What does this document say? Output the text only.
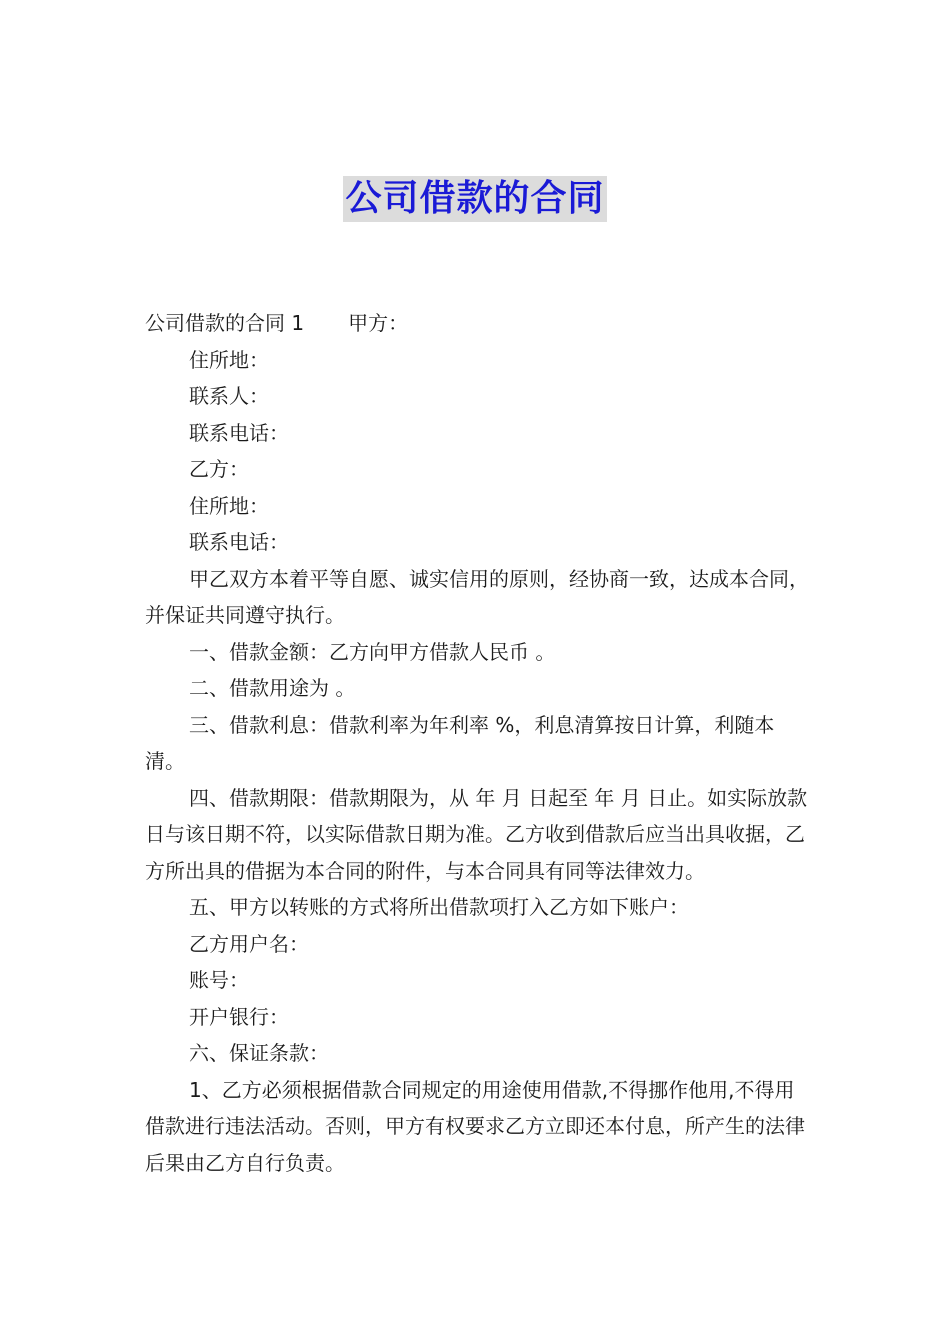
公司借款的合同

公司借款的合同 1 甲方：

住所地：

联系人：

联系电话：

乙方：

住所地：

联系电话：

甲乙双方本着平等自愿、诚实信用的原则，经协商一致，达成本合同，并保证共同遵守执行。

一、借款金额：乙方向甲方借款人民币 。

二、借款用途为 。

三、借款利息：借款利率为年利率 %，利息清算按日计算，利随本清。

四、借款期限：借款期限为，从 年 月 日起至 年 月 日止。如实际放款日与该日期不符，以实际借款日期为准。乙方收到借款后应当出具收据，乙方所出具的借据为本合同的附件，与本合同具有同等法律效力。

五、甲方以转账的方式将所出借款项打入乙方如下账户：

乙方用户名：

账号：

开户银行：

六、保证条款：

1、乙方必须根据借款合同规定的用途使用借款,不得挪作他用,不得用借款进行违法活动。否则，甲方有权要求乙方立即还本付息，所产生的法律后果由乙方自行负责。
